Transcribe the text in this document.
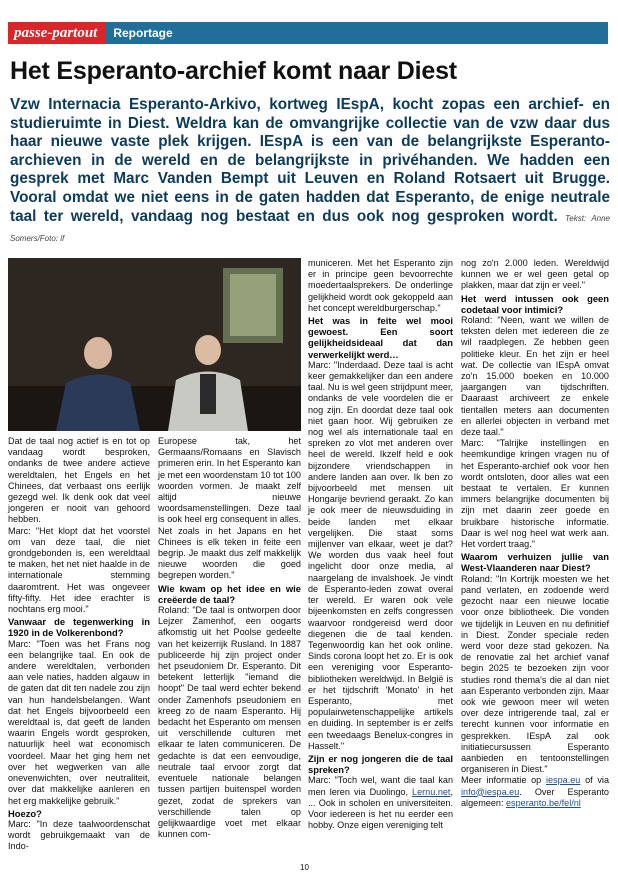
passe-partout	Reportage
Het Esperanto-archief komt naar Diest

Vzw Internacia Esperanto-Arkivo, kortweg IEspA, kocht zopas een archief- en studieruimte in Diest. Weldra kan de omvangrijke collectie van de vzw daar dus haar nieuwe vaste plek krijgen. IEspA is een van de belangrijkste Esperanto-archieven in de wereld en de belangrijkste in privéhanden. We hadden een gesprek met Marc Vanden Bempt uit Leuven en Roland Rotsaert uit Brugge. Vooral omdat we niet eens in de gaten hadden dat Esperanto, de enige neutrale taal ter wereld, vandaag nog bestaat en dus ook nog gesproken wordt. Tekst: Anne Somers/Foto: if

Dat de taal nog actief is en tot op vandaag wordt besproken, ondanks de twee andere actieve wereldtalen, het Engels en het Chinees, dat verbaast ons eerlijk gezegd wel. Ik denk ook dat veel jongeren er nooit van gehoord hebben.

Marc: "Het klopt dat het voorstel om van deze taal, die niet grondgebonden is, een wereldtaal te maken, het net niet haalde in de internationale stemming daaromtrent. Het was ongeveer fifty-fifty. Het idee erachter is nochtans erg mooi."

Vanwaar de tegenwerking in 1920 in de Volkerenbond?

Marc: "Toen was het Frans nog een belangrijke taal. En ook de andere wereldtalen, verbonden aan vele naties, hadden algauw in de gaten dat dit ten nadele zou zijn van hun handelsbelangen. Want dat het Engels bijvoorbeeld een wereldtaal is, dat geeft de landen waarin Engels wordt gesproken, natuurlijk heel wat economisch voordeel. Maar het ging hem net over het wegwerken van alle onevenwichten, over neutraliteit, over dat makkelijke aanleren en het erg makkelijke gebruik."

Hoezo?

Marc: "In deze taalwoordenschat wordt gebruikgemaakt van de Indo-

Europese tak, het Germaans/Romaans en Slavisch primeren erin. In het Esperanto kan je met een woordenstam 10 tot 100 woorden vormen. Je maakt zelf altijd nieuwe woordsamenstellingen. Deze taal is ook heel erg consequent in alles. Net zoals in het Japans en het Chinees is elk teken in feite een begrip. Je maakt dus zelf makkelijk nieuwe woorden die goed begrepen worden."

Wie kwam op het idee en wie creëerde de taal?

Roland: "De taal is ontworpen door Lejzer Zamenhof, een oogarts afkomstig uit het Poolse gedeelte van het keizerrijk Rusland. In 1887 publiceerde hij zijn project onder het pseudoniem Dr. Esperanto. Dit betekent letterlijk "iemand die hoopt" De taal werd echter bekend onder Zamenhofs pseudoniem en kreeg zo de naam Esperanto. Hij bedacht het Esperanto om mensen uit verschillende culturen met elkaar te laten communiceren. De gedachte is dat een eenvoudige, neutrale taal ervoor zorgt dat eventuele nationale belangen tussen partijen buitenspel worden gezet, zodat de sprekers van verschillende talen op gelijkwaardige voet met elkaar kunnen com-

municeren. Met het Esperanto zijn er in principe geen bevoorrechte moedertaalsprekers. De onderlinge gelijkheid wordt ook gekoppeld aan het concept wereldburgerschap."

Het was in feite wel mooi gewoest. Een soort gelijkheidsideaal dat dan verwerkelijkt werd…

Marc: "Inderdaad. Deze taal is acht keer gemakkelijker dan een andere taal. Nu is wel geen strijdpunt meer, ondanks de vele voordelen die er nog zijn. En doordat deze taal ook niet gaan hoor. Wij gebruiken ze nog wel als internationale taal en spreken zo vlot met anderen over heel de wereld. Ikzelf held e ook bijzondere vriendschappen in andere landen aan over. Ik ben zo bijvoorbeeld met mensen uit Hongarije bevriend geraakt. Zo kan je ook meer de nieuwsduiding in beide landen met elkaar vergelijken. Die staat soms mijlenver van elkaar, weet je dat? We worden dus vaak heel fout ingelicht door onze media, al naargelang de invalshoek. Je vindt de Esperanto-leden zowat overal ter wereld. Er waren ook vele bijeenkomsten en zelfs congressen waarvoor rondgereisd werd door diegenen die de taal kenden. Tegenwoordig kan het ook online. Sinds corona loopt het zo. Er is ook een vereniging voor Esperanto-bibliotheken wereldwijd. In België is er het tijdschrift 'Monato' in het Esperanto, met populairwetenschappelijke artikels en duiding. In september is er zelfs een tweedaags Benelux-congres in Hasselt."

Zijn er nog jongeren die de taal spreken?

Marc: "Toch wel, want die taal kan men leren via Duolingo, Lernu.net, ... Ook in scholen en universiteiten. Voor iedereen is het nu eerder een hobby. Onze eigen vereniging telt

nog zo'n 2.000 leden. Wereldwijd kunnen we er wel geen getal op plakken, maar dat zijn er veel."

Het werd intussen ook geen codetaal voor intimici?

Roland: "Neen, want we willen de teksten delen met iedereen die ze wil raadplegen. Ze hebben geen politieke kleur. En het zijn er heel wat. De collectie van IEspA omvat zo'n 15.000 boeken en 10.000 jaargangen van tijdschriften. Daaraast archiveert ze enkele tientallen meters aan documenten en allerlei objecten in verband met deze taal."

Marc: "Talrijke instellingen en heemkundige kringen vragen nu of het Esperanto-archief ook voor hen wordt ontsloten, door alles wat een bestaat te vertalen. Er kunnen immers belangrijke documenten bij zijn met daarin zeer goede en bruikbare historische informatie. Daar is wel nog heel wat werk aan. Het vordert traag."

Waarom verhuizen jullie van West-Vlaanderen naar Diest?

Roland: "In Kortrijk moesten we het pand verlaten, en zodoende werd gezocht naar een nieuwe locatie voor onze bibliotheek. Die vonden we tijdelijk in Leuven en nu definitief in Diest. Zonder speciale reden werd voor deze stad gekozen. Na de renovatie zal het archief vanaf begin 2025 te bezoeken zijn voor studies rond thema's die al dan niet aan Esperanto verbonden zijn. Maar ook wie gewoon meer wil weten over deze intrigerende taal, zal er terecht kunnen voor informatie en gesprekken. IEspA zal ook initiatiecursussen Esperanto aanbieden en tentoonstellingen organiseren in Diest."

Meer informatie op iespa.eu of via info@iespa.eu. Over Esperanto algemeen: esperanto.be/fel/nl

10
